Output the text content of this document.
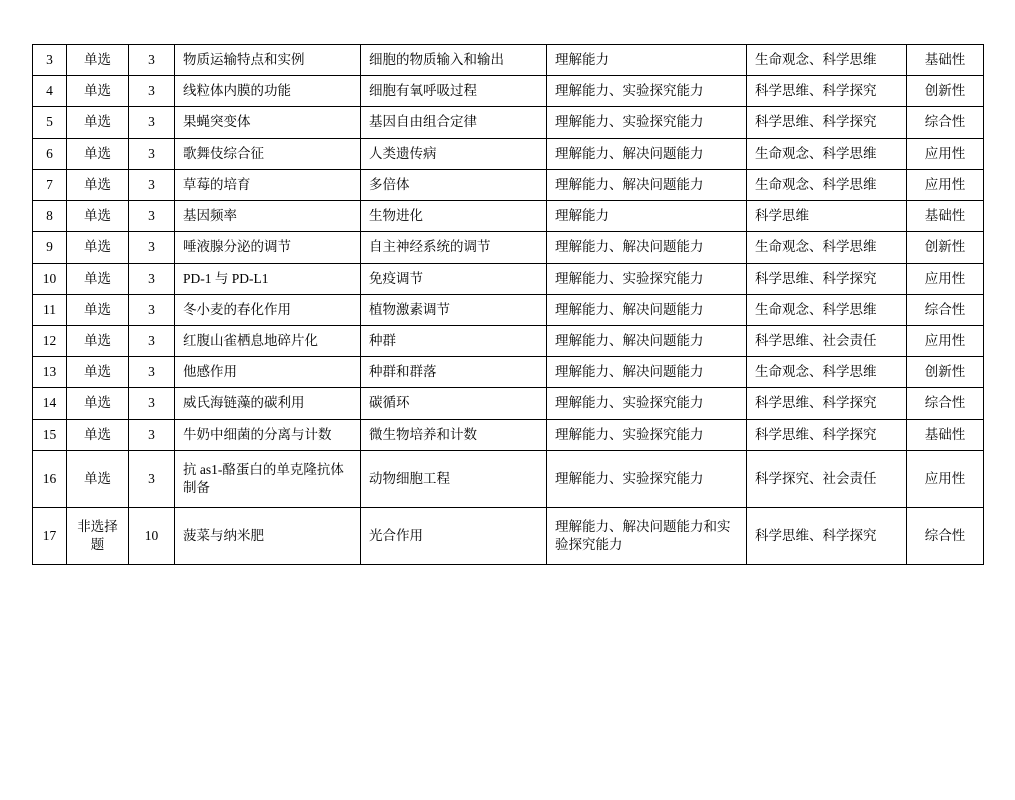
3	单选	3	物质运输特点和实例	细胞的物质输入和输出	理解能力	生命观念、科学思维	基础性
4	单选	3	线粒体内膜的功能	细胞有氧呼吸过程	理解能力、实验探究能力	科学思维、科学探究	创新性
5	单选	3	果蝇突变体	基因自由组合定律	理解能力、实验探究能力	科学思维、科学探究	综合性
6	单选	3	歌舞伎综合征	人类遗传病	理解能力、解决问题能力	生命观念、科学思维	应用性
7	单选	3	草莓的培育	多倍体	理解能力、解决问题能力	生命观念、科学思维	应用性
8	单选	3	基因频率	生物进化	理解能力	科学思维	基础性
9	单选	3	唾液腺分泌的调节	自主神经系统的调节	理解能力、解决问题能力	生命观念、科学思维	创新性
10	单选	3	PD-1 与 PD-L1	免疫调节	理解能力、实验探究能力	科学思维、科学探究	应用性
11	单选	3	冬小麦的春化作用	植物激素调节	理解能力、解决问题能力	生命观念、科学思维	综合性
12	单选	3	红腹山雀栖息地碎片化	种群	理解能力、解决问题能力	科学思维、社会责任	应用性
13	单选	3	他感作用	种群和群落	理解能力、解决问题能力	生命观念、科学思维	创新性
14	单选	3	威氏海链藻的碳利用	碳循环	理解能力、实验探究能力	科学思维、科学探究	综合性
15	单选	3	牛奶中细菌的分离与计数	微生物培养和计数	理解能力、实验探究能力	科学思维、科学探究	基础性
16	单选	3	抗 as1-酪蛋白的单克隆抗体制备	动物细胞工程	理解能力、实验探究能力	科学探究、社会责任	应用性
17	非选择题	10	菠菜与纳米肥	光合作用	理解能力、解决问题能力和实验探究能力	科学思维、科学探究	综合性
